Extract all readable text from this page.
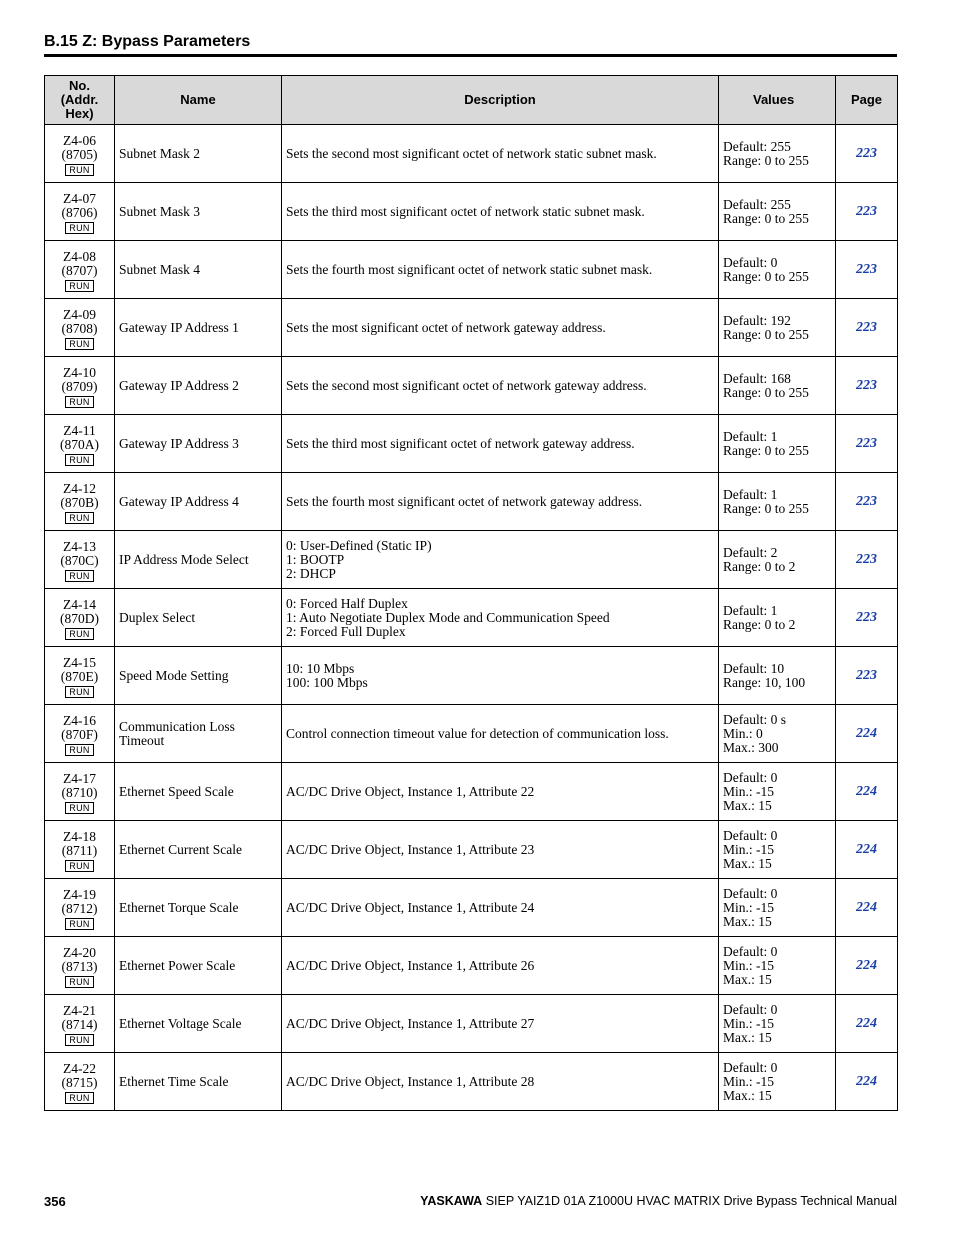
B.15 Z: Bypass Parameters
No. (Addr. Hex)	Name	Description	Values	Page

Z4-06
(8705)
RUN	Subnet Mask 2	Sets the second most significant octet of network static subnet mask.	Default: 255
Range: 0 to 255	223

Z4-07
(8706)
RUN	Subnet Mask 3	Sets the third most significant octet of network static subnet mask.	Default: 255
Range: 0 to 255	223

Z4-08
(8707)
RUN	Subnet Mask 4	Sets the fourth most significant octet of network static subnet mask.	Default: 0
Range: 0 to 255	223

Z4-09
(8708)
RUN	Gateway IP Address 1	Sets the most significant octet of network gateway address.	Default: 192
Range: 0 to 255	223

Z4-10
(8709)
RUN	Gateway IP Address 2	Sets the second most significant octet of network gateway address.	Default: 168
Range: 0 to 255	223

Z4-11
(870A)
RUN	Gateway IP Address 3	Sets the third most significant octet of network gateway address.	Default: 1
Range: 0 to 255	223

Z4-12
(870B)
RUN	Gateway IP Address 4	Sets the fourth most significant octet of network gateway address.	Default: 1
Range: 0 to 255	223

Z4-13
(870C)
RUN	IP Address Mode Select	0: User-Defined (Static IP)
1: BOOTP
2: DHCP	Default: 2
Range: 0 to 2	223

Z4-14
(870D)
RUN	Duplex Select	0: Forced Half Duplex
1: Auto Negotiate Duplex Mode and Communication Speed
2: Forced Full Duplex	Default: 1
Range: 0 to 2	223

Z4-15
(870E)
RUN	Speed Mode Setting	10: 10 Mbps
100: 100 Mbps	Default: 10
Range: 10, 100	223

Z4-16
(870F)
RUN	Communication Loss Timeout	Control connection timeout value for detection of communication loss.	Default: 0 s
Min.: 0
Max.: 300	224

Z4-17
(8710)
RUN	Ethernet Speed Scale	AC/DC Drive Object, Instance 1, Attribute 22	Default: 0
Min.: -15
Max.: 15	224

Z4-18
(8711)
RUN	Ethernet Current Scale	AC/DC Drive Object, Instance 1, Attribute 23	Default: 0
Min.: -15
Max.: 15	224

Z4-19
(8712)
RUN	Ethernet Torque Scale	AC/DC Drive Object, Instance 1, Attribute 24	Default: 0
Min.: -15
Max.: 15	224

Z4-20
(8713)
RUN	Ethernet Power Scale	AC/DC Drive Object, Instance 1, Attribute 26	Default: 0
Min.: -15
Max.: 15	224

Z4-21
(8714)
RUN	Ethernet Voltage Scale	AC/DC Drive Object, Instance 1, Attribute 27	Default: 0
Min.: -15
Max.: 15	224

Z4-22
(8715)
RUN	Ethernet Time Scale	AC/DC Drive Object, Instance 1, Attribute 28	Default: 0
Min.: -15
Max.: 15	224
356	YASKAWA SIEP YAIZ1D 01A Z1000U HVAC MATRIX Drive Bypass Technical Manual
